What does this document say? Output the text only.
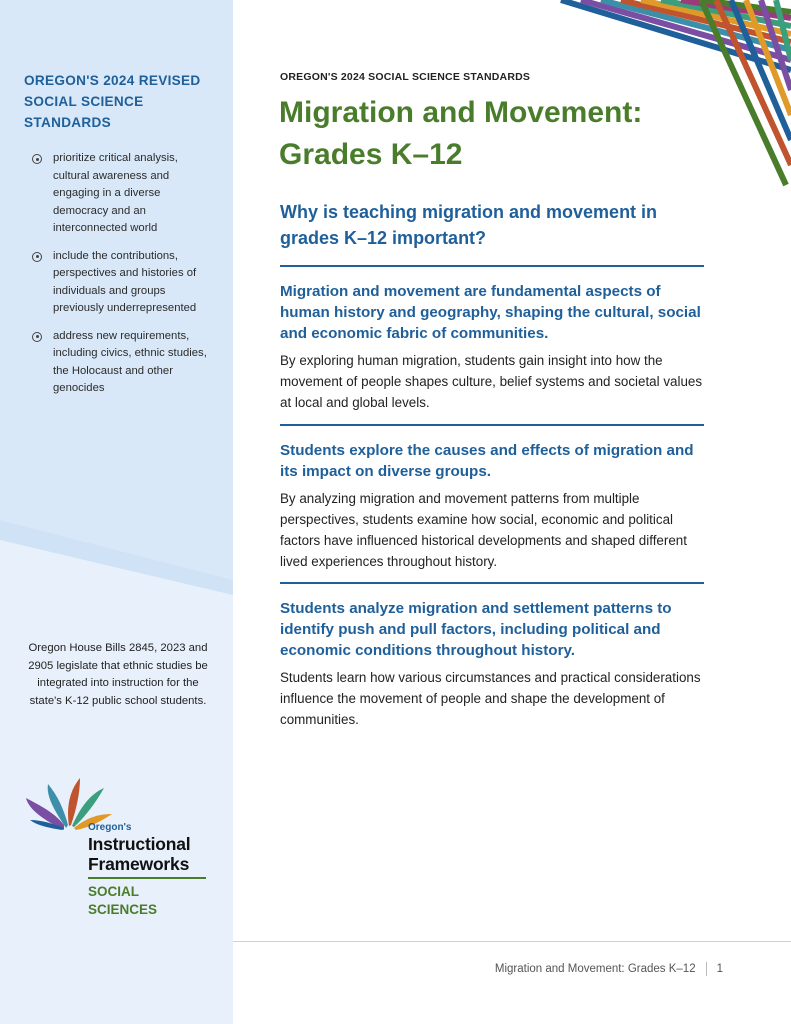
OREGON'S 2024 REVISED SOCIAL SCIENCE STANDARDS
prioritize critical analysis, cultural awareness and engaging in a diverse democracy and an interconnected world
include the contributions, perspectives and histories of individuals and groups previously underrepresented
address new requirements, including civics, ethnic studies, the Holocaust and other genocides
Oregon House Bills 2845, 2023 and 2905 legislate that ethnic studies be integrated into instruction for the state's K-12 public school students.
Oregon's
Instructional
Frameworks
SOCIAL
SCIENCES
OREGON'S 2024 SOCIAL SCIENCE STANDARDS
Migration and Movement: Grades K–12
Why is teaching migration and movement in grades K–12 important?
Migration and movement are fundamental aspects of human history and geography, shaping the cultural, social and economic fabric of communities.

By exploring human migration, students gain insight into how the movement of people shapes culture, belief systems and societal values at local and global levels.

Students explore the causes and effects of migration and its impact on diverse groups.

By analyzing migration and movement patterns from multiple perspectives, students examine how social, economic and political factors have influenced historical developments and shaped different lived experiences throughout history.

Students analyze migration and settlement patterns to identify push and pull factors, including political and economic conditions throughout history.

Students learn how various circumstances and practical considerations influence the movement of people and shape the development of communities.

Migration and Movement: Grades K–12 1
